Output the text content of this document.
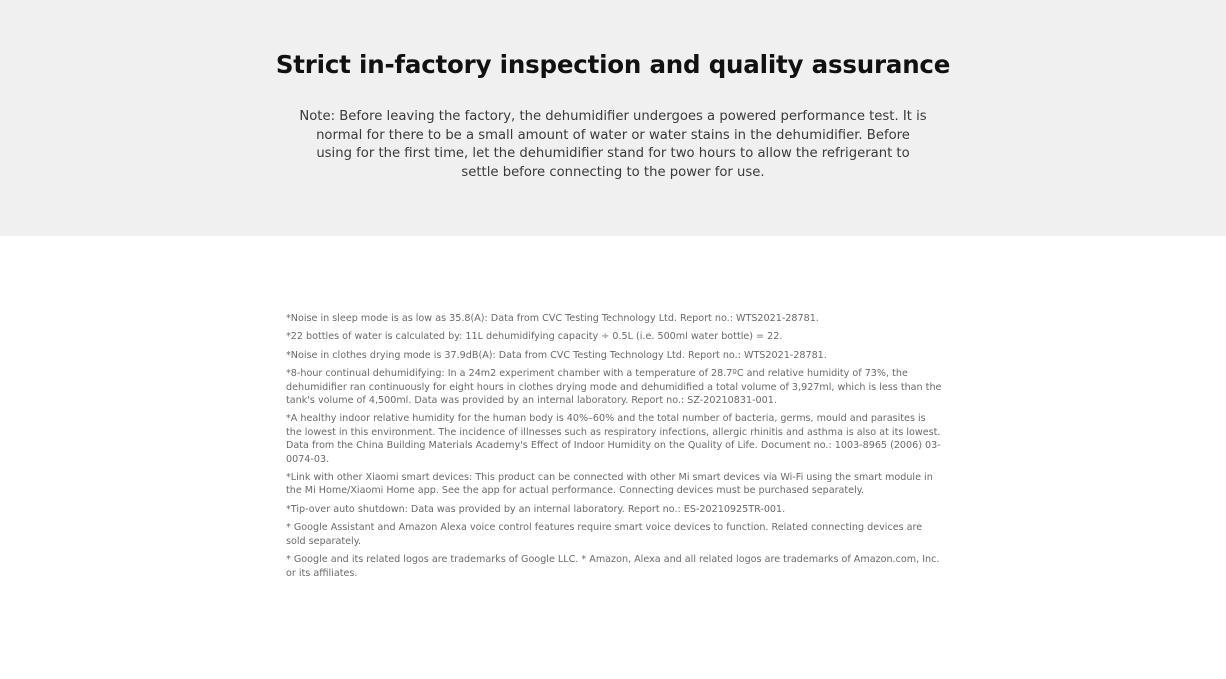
Strict in-factory inspection and quality assurance

Note: Before leaving the factory, the dehumidifier undergoes a powered performance test. It is normal for there to be a small amount of water or water stains in the dehumidifier. Before using for the first time, let the dehumidifier stand for two hours to allow the refrigerant to settle before connecting to the power for use.

*Noise in sleep mode is as low as 35.8(A): Data from CVC Testing Technology Ltd. Report no.: WTS2021-28781.
*22 bottles of water is calculated by: 11L dehumidifying capacity ÷ 0.5L (i.e. 500ml water bottle) = 22.
*Noise in clothes drying mode is 37.9dB(A): Data from CVC Testing Technology Ltd. Report no.: WTS2021-28781.
*8-hour continual dehumidifying: In a 24m2 experiment chamber with a temperature of 28.7ºC and relative humidity of 73%, the dehumidifier ran continuously for eight hours in clothes drying mode and dehumidified a total volume of 3,927ml, which is less than the tank's volume of 4,500ml. Data was provided by an internal laboratory. Report no.: SZ-20210831-001.
*A healthy indoor relative humidity for the human body is 40%–60% and the total number of bacteria, germs, mould and parasites is the lowest in this environment. The incidence of illnesses such as respiratory infections, allergic rhinitis and asthma is also at its lowest. Data from the China Building Materials Academy's Effect of Indoor Humidity on the Quality of Life. Document no.: 1003-8965 (2006) 03-0074-03.
*Link with other Xiaomi smart devices: This product can be connected with other Mi smart devices via Wi-Fi using the smart module in the Mi Home/Xiaomi Home app. See the app for actual performance. Connecting devices must be purchased separately.
*Tip-over auto shutdown: Data was provided by an internal laboratory. Report no.: ES-20210925TR-001.
* Google Assistant and Amazon Alexa voice control features require smart voice devices to function. Related connecting devices are sold separately.
* Google and its related logos are trademarks of Google LLC. * Amazon, Alexa and all related logos are trademarks of Amazon.com, Inc. or its affiliates.
